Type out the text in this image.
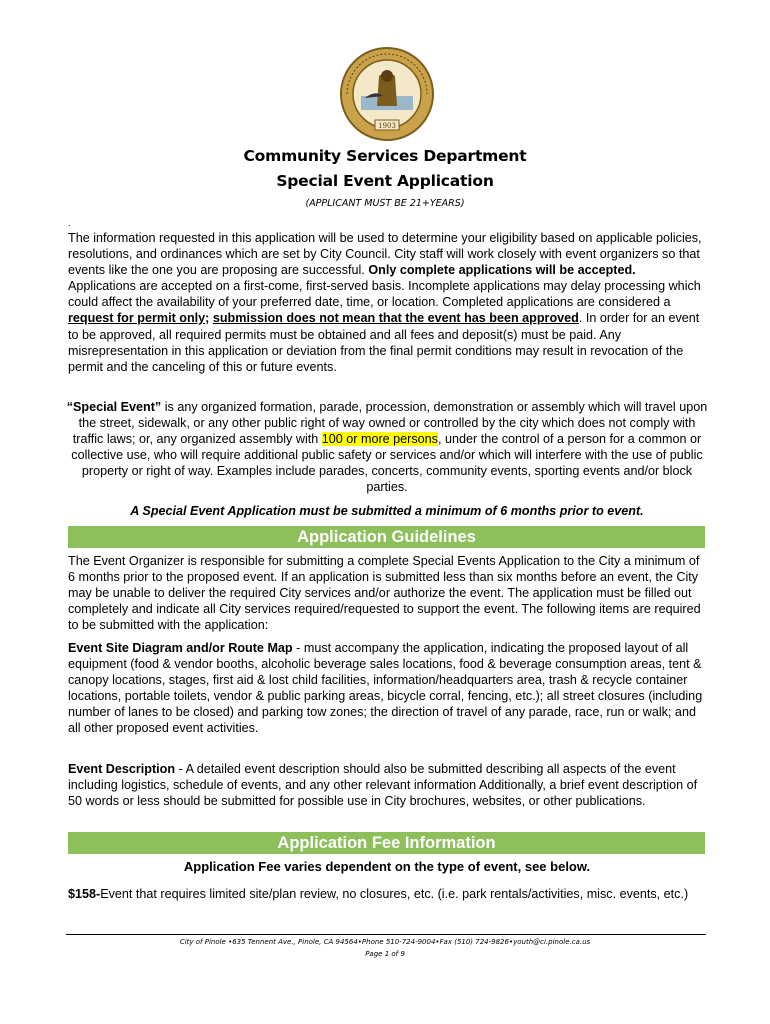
1903
Community Services Department
Special Event Application
(APPLICANT MUST BE 21+YEARS)
.
The information requested in this application will be used to determine your eligibility based on applicable policies, resolutions, and ordinances which are set by City Council. City staff will work closely with event organizers so that events like the one you are proposing are successful. Only complete applications will be accepted. Applications are accepted on a first-come, first-served basis. Incomplete applications may delay processing which could affect the availability of your preferred date, time, or location. Completed applications are considered a request for permit only; submission does not mean that the event has been approved. In order for an event to be approved, all required permits must be obtained and all fees and deposit(s) must be paid. Any misrepresentation in this application or deviation from the final permit conditions may result in revocation of the permit and the canceling of this or future events.
“Special Event” is any organized formation, parade, procession, demonstration or assembly which will travel upon the street, sidewalk, or any other public right of way owned or controlled by the city which does not comply with traffic laws; or, any organized assembly with 100 or more persons, under the control of a person for a common or collective use, who will require additional public safety or services and/or which will interfere with the use of public property or right of way. Examples include parades, concerts, community events, sporting events and/or block parties.
A Special Event Application must be submitted a minimum of 6 months prior to event.
Application Guidelines
The Event Organizer is responsible for submitting a complete Special Events Application to the City a minimum of 6 months prior to the proposed event. If an application is submitted less than six months before an event, the City may be unable to deliver the required City services and/or authorize the event. The application must be filled out completely and indicate all City services required/requested to support the event. The following items are required to be submitted with the application:
Event Site Diagram and/or Route Map - must accompany the application, indicating the proposed layout of all equipment (food & vendor booths, alcoholic beverage sales locations, food & beverage consumption areas, tent & canopy locations, stages, first aid & lost child facilities, information/headquarters area, trash & recycle container locations, portable toilets, vendor & public parking areas, bicycle corral, fencing, etc.); all street closures (including number of lanes to be closed) and parking tow zones; the direction of travel of any parade, race, run or walk; and all other proposed event activities.
Event Description - A detailed event description should also be submitted describing all aspects of the event including logistics, schedule of events, and any other relevant information Additionally, a brief event description of 50 words or less should be submitted for possible use in City brochures, websites, or other publications.
Application Fee Information
Application Fee varies dependent on the type of event, see below.
$158-Event that requires limited site/plan review, no closures, etc. (i.e. park rentals/activities, misc. events, etc.)
City of Pinole •635 Tennent Ave., Pinole, CA 94564•Phone 510-724-9004•Fax (510) 724-9826•youth@ci.pinole.ca.us
Page 1 of 9
